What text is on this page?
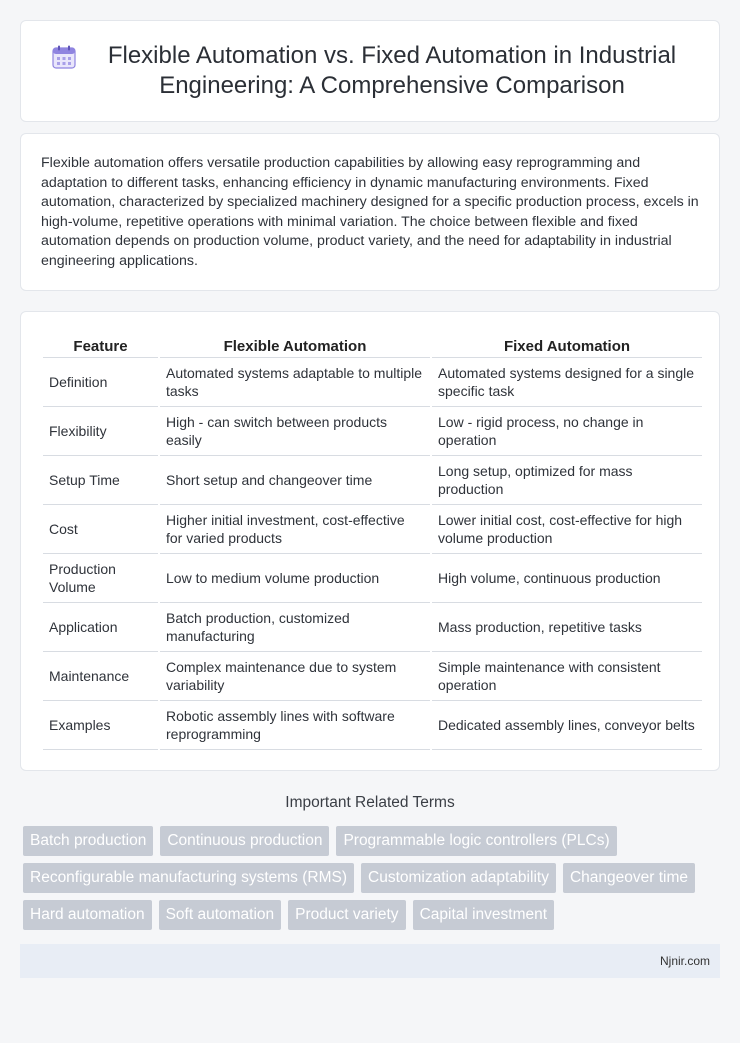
Flexible Automation vs. Fixed Automation in Industrial Engineering: A Comprehensive Comparison

Flexible automation offers versatile production capabilities by allowing easy reprogramming and adaptation to different tasks, enhancing efficiency in dynamic manufacturing environments. Fixed automation, characterized by specialized machinery designed for a specific production process, excels in high-volume, repetitive operations with minimal variation. The choice between flexible and fixed automation depends on production volume, product variety, and the need for adaptability in industrial engineering applications.

Feature	Flexible Automation	Fixed Automation
Definition	Automated systems adaptable to multiple tasks	Automated systems designed for a single specific task
Flexibility	High - can switch between products easily	Low - rigid process, no change in operation
Setup Time	Short setup and changeover time	Long setup, optimized for mass production
Cost	Higher initial investment, cost-effective for varied products	Lower initial cost, cost-effective for high volume production
Production Volume	Low to medium volume production	High volume, continuous production
Application	Batch production, customized manufacturing	Mass production, repetitive tasks
Maintenance	Complex maintenance due to system variability	Simple maintenance with consistent operation
Examples	Robotic assembly lines with software reprogramming	Dedicated assembly lines, conveyor belts
Important Related Terms
Batch production	Continuous production	Programmable logic controllers (PLCs)
Reconfigurable manufacturing systems (RMS)	Customization adaptability	Changeover time
Hard automation	Soft automation	Product variety	Capital investment
Njnir.com
